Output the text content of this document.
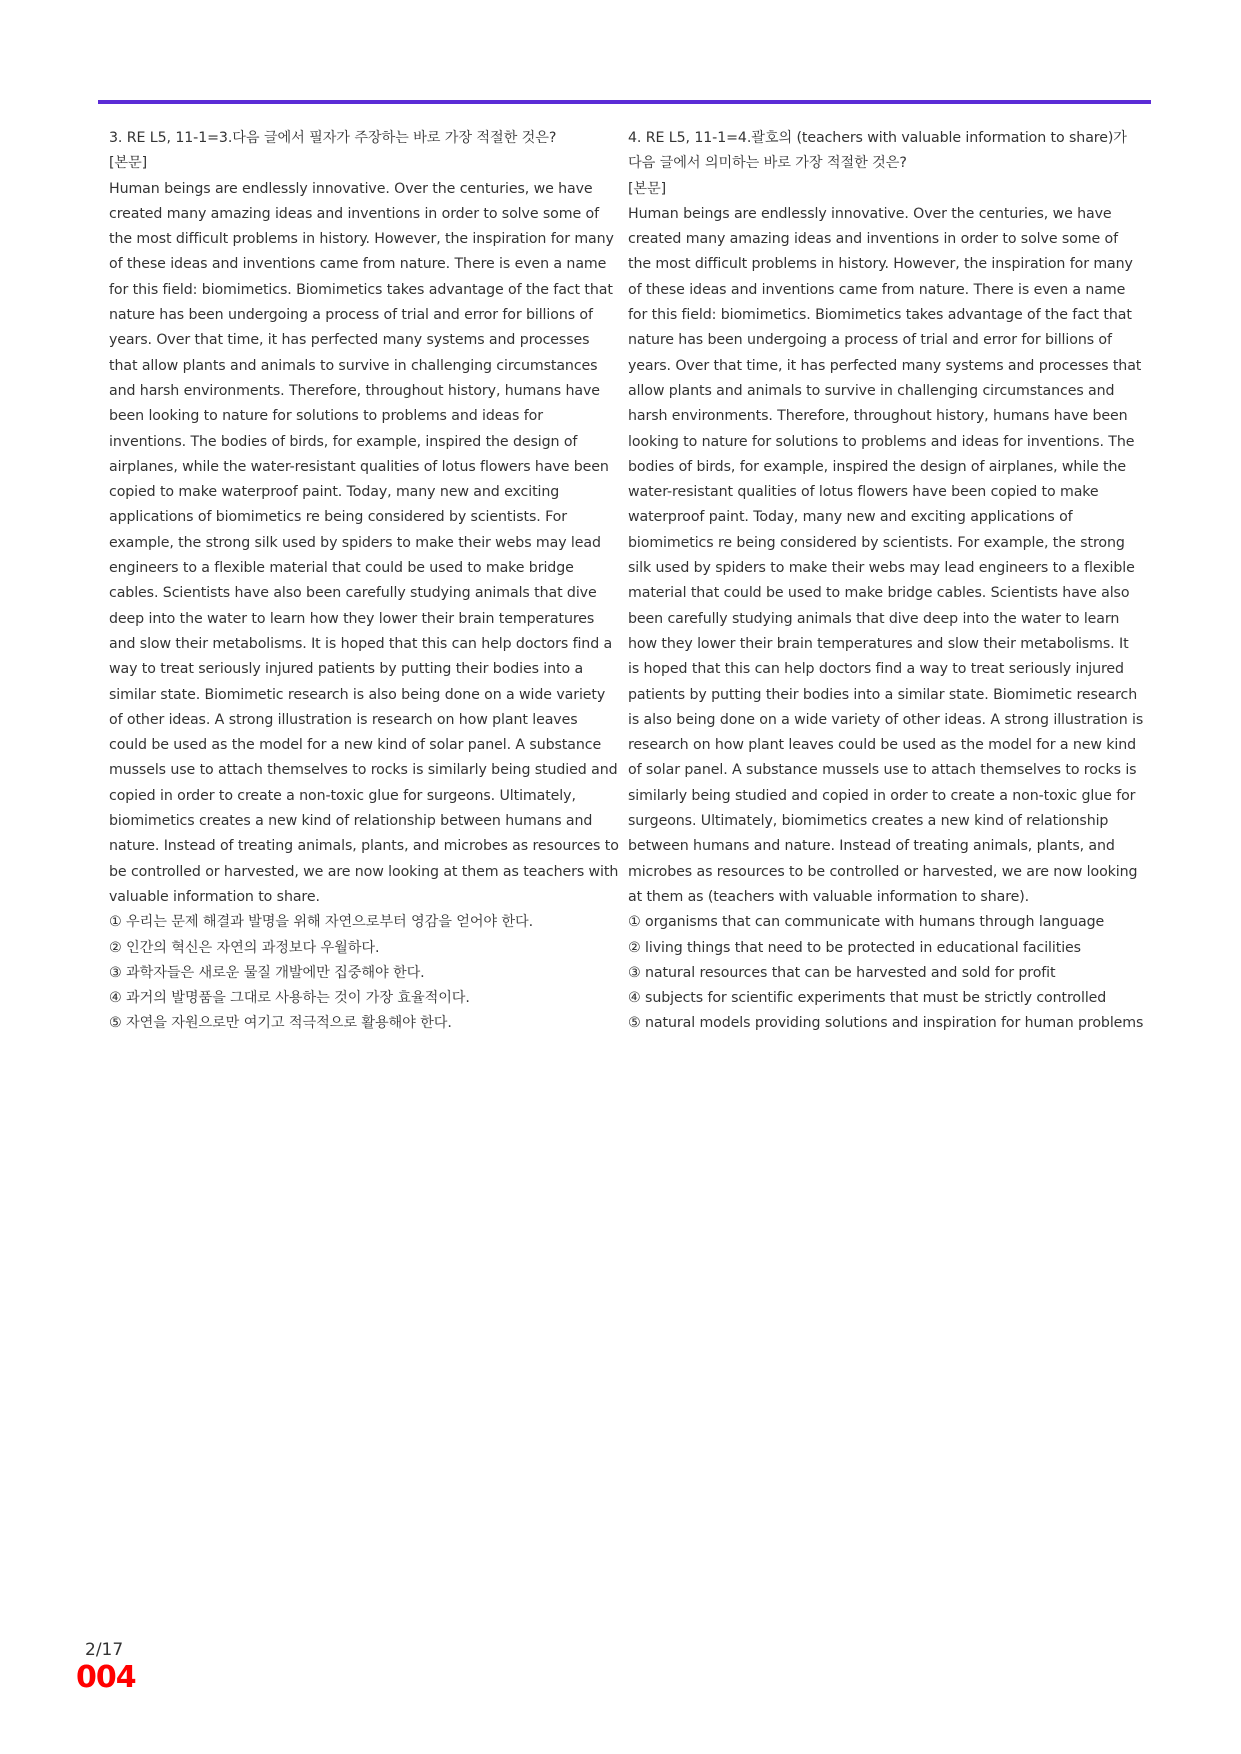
3. RE L5, 11-1=3.다음 글에서 필자가 주장하는 바로 가장 적절한 것은?

[본문]

Human beings are endlessly innovative. Over the centuries, we have created many amazing ideas and inventions in order to solve some of the most difficult problems in history. However, the inspiration for many of these ideas and inventions came from nature. There is even a name for this field: biomimetics. Biomimetics takes advantage of the fact that nature has been undergoing a process of trial and error for billions of years. Over that time, it has perfected many systems and processes that allow plants and animals to survive in challenging circumstances and harsh environments. Therefore, throughout history, humans have been looking to nature for solutions to problems and ideas for inventions. The bodies of birds, for example, inspired the design of airplanes, while the water-resistant qualities of lotus flowers have been copied to make waterproof paint. Today, many new and exciting applications of biomimetics re being considered by scientists. For example, the strong silk used by spiders to make their webs may lead engineers to a flexible material that could be used to make bridge cables. Scientists have also been carefully studying animals that dive deep into the water to learn how they lower their brain temperatures and slow their metabolisms. It is hoped that this can help doctors find a way to treat seriously injured patients by putting their bodies into a similar state. Biomimetic research is also being done on a wide variety of other ideas. A strong illustration is research on how plant leaves could be used as the model for a new kind of solar panel. A substance mussels use to attach themselves to rocks is similarly being studied and copied in order to create a non-toxic glue for surgeons. Ultimately, biomimetics creates a new kind of relationship between humans and nature. Instead of treating animals, plants, and microbes as resources to be controlled or harvested, we are now looking at them as teachers with valuable information to share.

① 우리는 문제 해결과 발명을 위해 자연으로부터 영감을 얻어야 한다.
② 인간의 혁신은 자연의 과정보다 우월하다.
③ 과학자들은 새로운 물질 개발에만 집중해야 한다.
④ 과거의 발명품을 그대로 사용하는 것이 가장 효율적이다.
⑤ 자연을 자원으로만 여기고 적극적으로 활용해야 한다.

4. RE L5, 11-1=4.괄호의 (teachers with valuable information to share)가
다음 글에서 의미하는 바로 가장 적절한 것은?

[본문]

Human beings are endlessly innovative. Over the centuries, we have created many amazing ideas and inventions in order to solve some of the most difficult problems in history. However, the inspiration for many of these ideas and inventions came from nature. There is even a name for this field: biomimetics. Biomimetics takes advantage of the fact that nature has been undergoing a process of trial and error for billions of years. Over that time, it has perfected many systems and processes that allow plants and animals to survive in challenging circumstances and harsh environments. Therefore, throughout history, humans have been looking to nature for solutions to problems and ideas for inventions. The bodies of birds, for example, inspired the design of airplanes, while the water-resistant qualities of lotus flowers have been copied to make waterproof paint. Today, many new and exciting applications of biomimetics re being considered by scientists. For example, the strong silk used by spiders to make their webs may lead engineers to a flexible material that could be used to make bridge cables. Scientists have also been carefully studying animals that dive deep into the water to learn how they lower their brain temperatures and slow their metabolisms. It is hoped that this can help doctors find a way to treat seriously injured patients by putting their bodies into a similar state. Biomimetic research is also being done on a wide variety of other ideas. A strong illustration is research on how plant leaves could be used as the model for a new kind of solar panel. A substance mussels use to attach themselves to rocks is similarly being studied and copied in order to create a non-toxic glue for surgeons. Ultimately, biomimetics creates a new kind of relationship between humans and nature. Instead of treating animals, plants, and microbes as resources to be controlled or harvested, we are now looking at them as (teachers with valuable information to share).

① organisms that can communicate with humans through language
② living things that need to be protected in educational facilities
③ natural resources that can be harvested and sold for profit
④ subjects for scientific experiments that must be strictly controlled
⑤ natural models providing solutions and inspiration for human problems
2/17
004
